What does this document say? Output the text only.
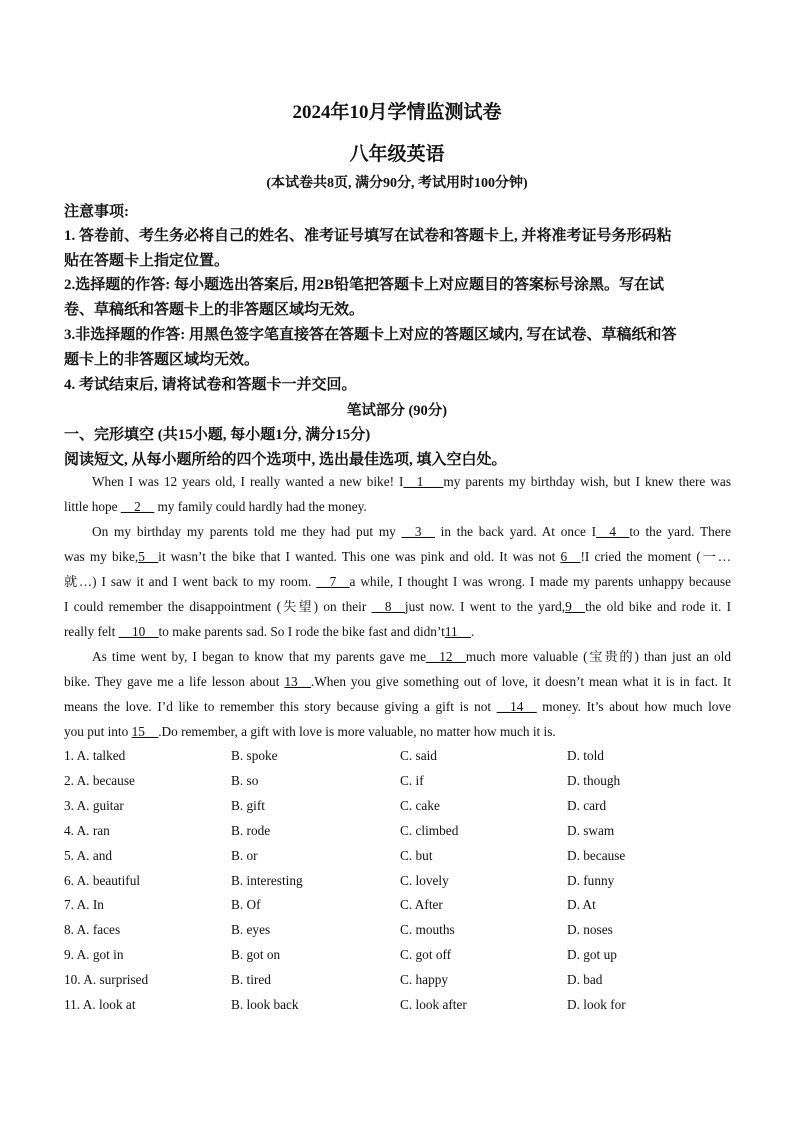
2024年10月学情监测试卷
八年级英语
(本试卷共8页, 满分90分, 考试用时100分钟)
注意事项:
1. 答卷前、考生务必将自己的姓名、准考证号填写在试卷和答题卡上, 并将准考证号务形码粘
贴在答题卡上指定位置。
2.选择题的作答: 每小题选出答案后, 用2B铅笔把答题卡上对应题目的答案标号涂黑。写在试
卷、草稿纸和答题卡上的非答题区域均无效。
3.非选择题的作答: 用黑色签字笔直接答在答题卡上对应的答题区域内, 写在试卷、草稿纸和答
题卡上的非答题区域均无效。
4. 考试结束后, 请将试卷和答题卡一并交回。
笔试部分 (90分)
一、完形填空 (共15小题, 每小题1分, 满分15分)
阅读短文, 从每小题所给的四个选项中, 选出最佳选项, 填入空白处。
When I was 12 years old, I really wanted a new bike! I__1___my parents my birthday wish, but I knew there was
little hope __2__ my family could hardly had the money.
On my birthday my parents told me they had put my __3__ in the back yard. At once I__4__to the yard. There
was my bike,5__it wasn’t the bike that I wanted. This one was pink and old. It was not 6__!I cried the moment (一…
就…) I saw it and I went back to my room. __7__a while, I thought I was wrong. I made my parents unhappy because
I could remember the disappointment (失望) on their __8__just now. I went to the yard,9__the old bike and rode it. I
really felt __10__to make parents sad. So I rode the bike fast and didn’t11__.
As time went by, I began to know that my parents gave me__12__much more valuable (宝贵的) than just an old
bike. They gave me a life lesson about 13__.When you give something out of love, it doesn’t mean what it is in fact. It
means the love. I’d like to remember this story because giving a gift is not __14__ money. It’s about how much love
you put into 15__.Do remember, a gift with love is more valuable, no matter how much it is.
1. A. talked	B. spoke	C. said	D. told
2. A. because	B. so	C. if	D. though
3. A. guitar	B. gift	C. cake	D. card
4. A. ran	B. rode	C. climbed	D. swam
5. A. and	B. or	C. but	D. because
6. A. beautiful	B. interesting	C. lovely	D. funny
7. A. In	B. Of	C. After	D. At
8. A. faces	B. eyes	C. mouths	D. noses
9. A. got in	B. got on	C. got off	D. got up
10. A. surprised	B. tired	C. happy	D. bad
11. A. look at	B. look back	C. look after	D. look for
